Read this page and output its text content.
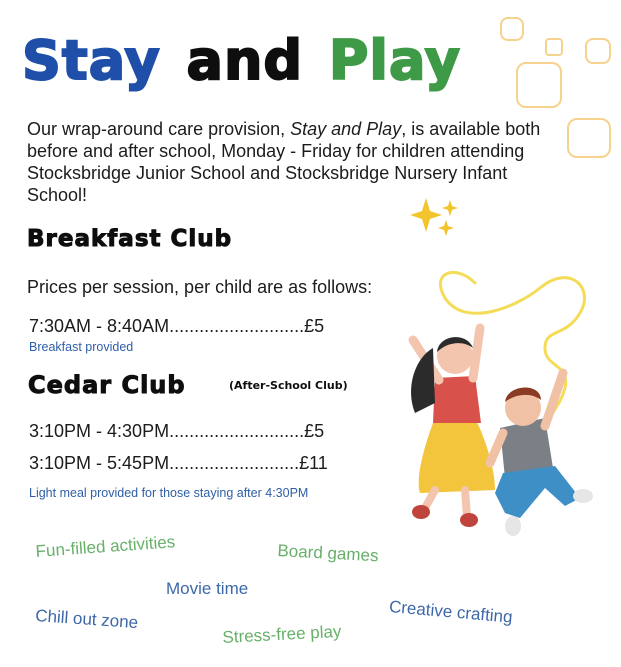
Stay and Play

Our wrap-around care provision, Stay and Play, is available both before and after school, Monday - Friday for children attending Stocksbridge Junior School and Stocksbridge Nursery Infant School!

Breakfast Club
Prices per session, per child are as follows:
7:30AM - 8:40AM...........................£5
Breakfast provided
Cedar Club	(After-School Club)
3:10PM - 4:30PM...........................£5
3:10PM - 5:45PM..........................£11
Light meal provided for those staying after 4:30PM
Fun-filled activities	Board games
Movie time
Chill out zone	Creative crafting
Stress-free play
